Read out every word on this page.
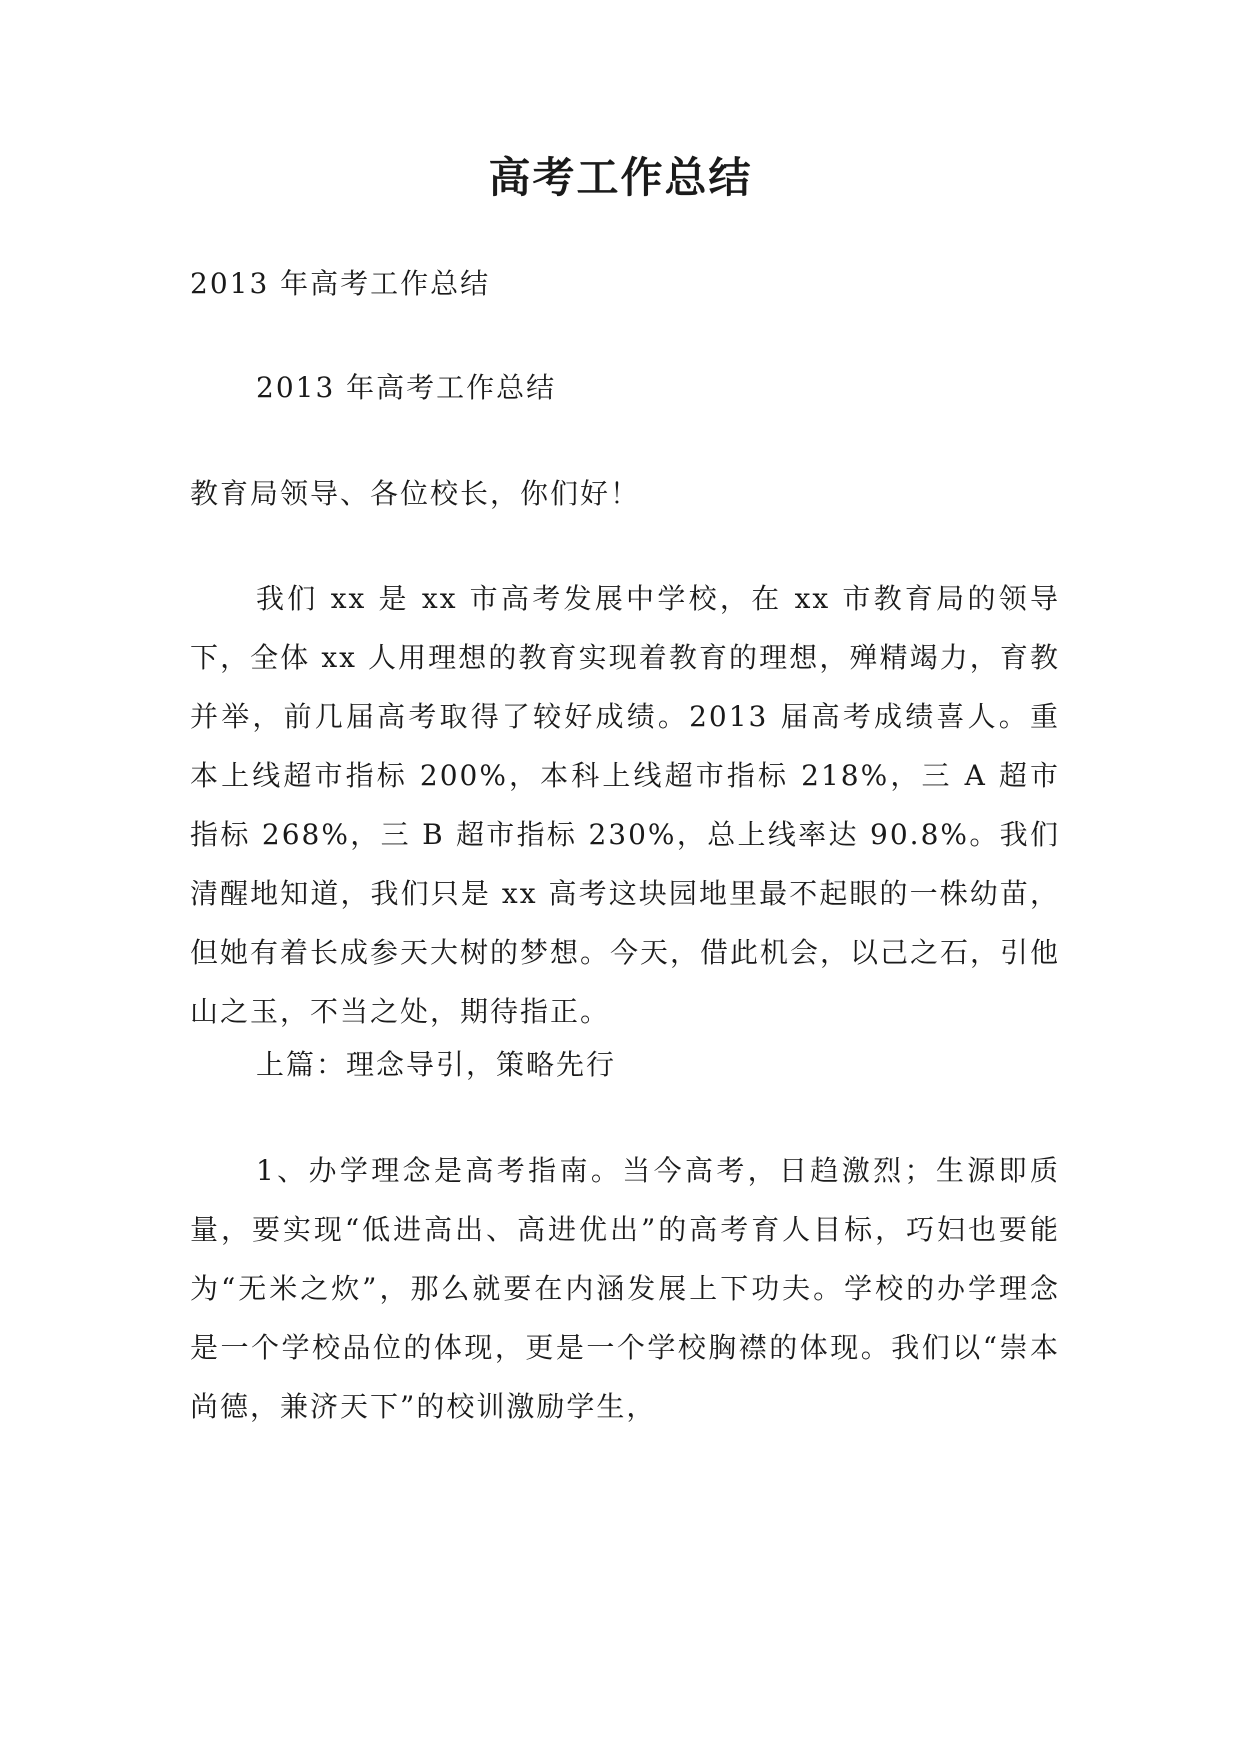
高考工作总结
2013 年高考工作总结
2013 年高考工作总结
教育局领导、各位校长，你们好！
我们 xx 是 xx 市高考发展中学校，在 xx 市教育局的领导下，全体 xx 人用理想的教育实现着教育的理想，殚精竭力，育教并举，前几届高考取得了较好成绩。2013 届高考成绩喜人。重本上线超市指标 200%，本科上线超市指标 218%，三 A 超市指标 268%，三 B 超市指标 230%，总上线率达 90.8%。我们清醒地知道，我们只是 xx 高考这块园地里最不起眼的一株幼苗，但她有着长成参天大树的梦想。今天，借此机会，以己之石，引他山之玉，不当之处，期待指正。
上篇：理念导引，策略先行
1、办学理念是高考指南。当今高考，日趋激烈；生源即质量，要实现“低进高出、高进优出”的高考育人目标，巧妇也要能为“无米之炊”，那么就要在内涵发展上下功夫。学校的办学理念是一个学校品位的体现，更是一个学校胸襟的体现。我们以“崇本尚德，兼济天下”的校训激励学生，
